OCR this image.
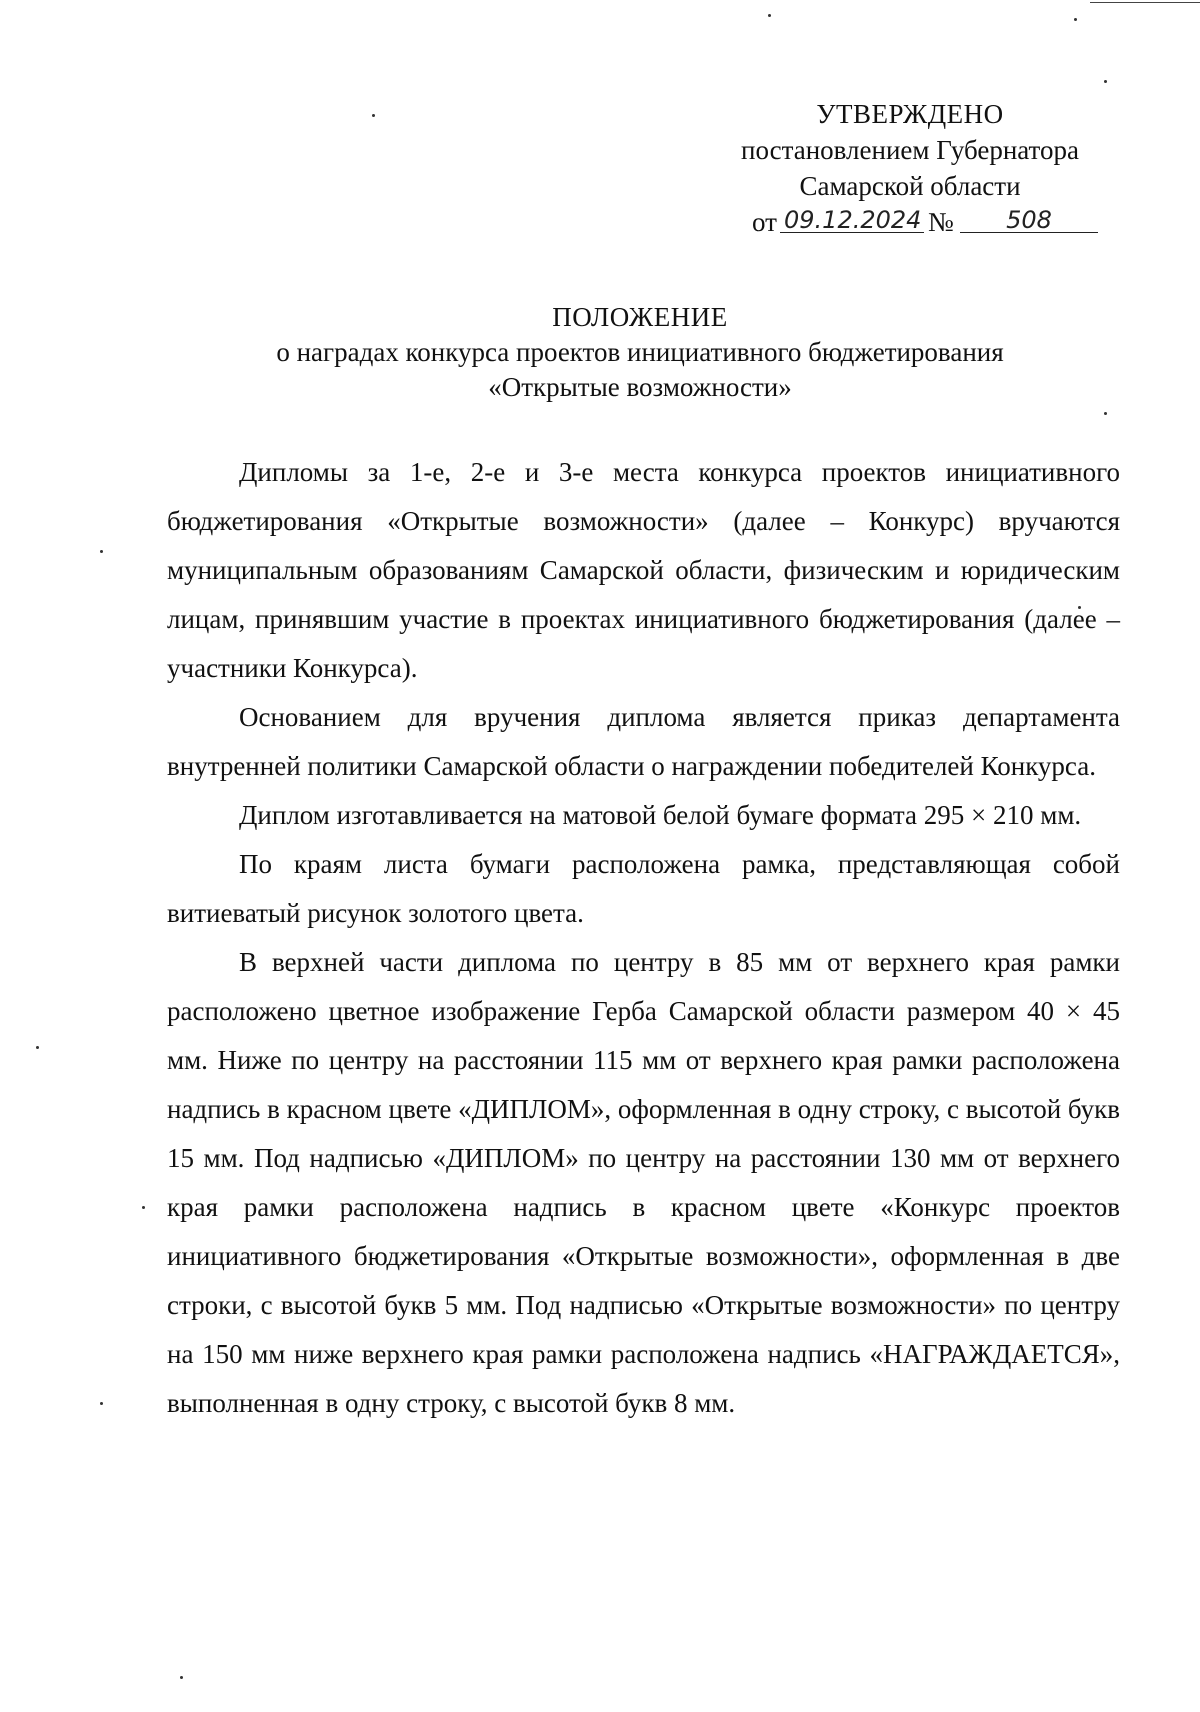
УТВЕРЖДЕНО
постановлением Губернатора
Самарской области
от 09.12.2024 №	508
ПОЛОЖЕНИЕ
о наградах конкурса проектов инициативного бюджетирования
«Открытые возможности»

Дипломы за 1-е, 2-е и 3-е места конкурса проектов инициативного бюджетирования «Открытые возможности» (далее – Конкурс) вручаются муниципальным образованиям Самарской области, физическим и юридическим лицам, принявшим участие в проектах инициативного бюджетирования (далее – участники Конкурса).

Основанием для вручения диплома является приказ департамента внутренней политики Самарской области о награждении победителей Конкурса.

Диплом изготавливается на матовой белой бумаге формата 295 × 210 мм.

По краям листа бумаги расположена рамка, представляющая собой витиеватый рисунок золотого цвета.

В верхней части диплома по центру в 85 мм от верхнего края рамки расположено цветное изображение Герба Самарской области размером 40 × 45 мм. Ниже по центру на расстоянии 115 мм от верхнего края рамки расположена надпись в красном цвете «ДИПЛОМ», оформленная в одну строку, с высотой букв 15 мм. Под надписью «ДИПЛОМ» по центру на расстоянии 130 мм от верхнего края рамки расположена надпись в красном цвете «Конкурс проектов инициативного бюджетирования «Открытые возможности», оформленная в две строки, с высотой букв 5 мм. Под надписью «Открытые возможности» по центру на 150 мм ниже верхнего края рамки расположена надпись «НАГРАЖДАЕТСЯ», выполненная в одну строку, с высотой букв 8 мм.
